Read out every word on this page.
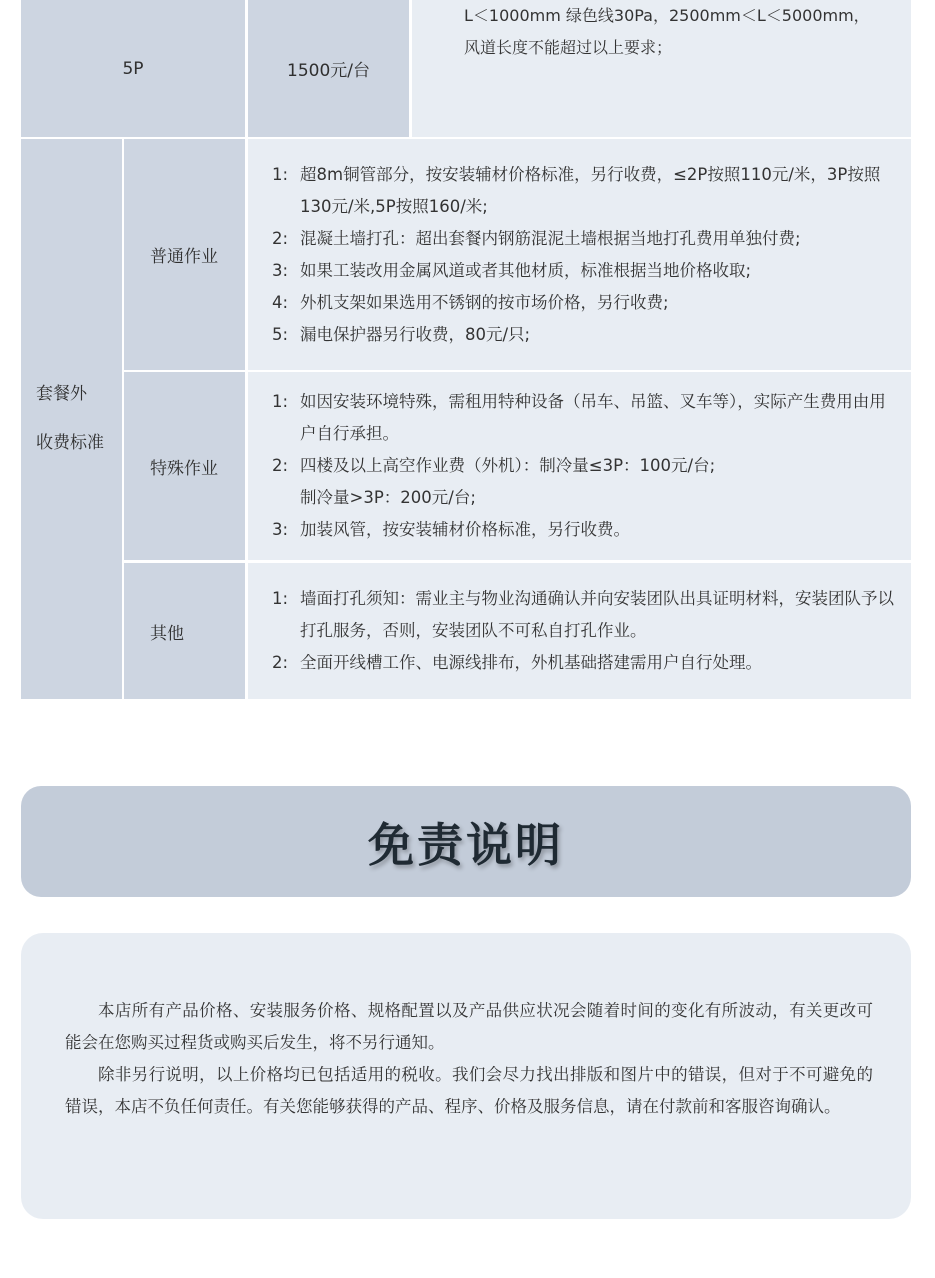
5P	1500元/台

L＜1000mm 绿色线30Pa，2500mm＜L＜5000mm，

风道长度不能超过以上要求；

套餐外
收费标准
普通作业
1: 超8m铜管部分，按安装辅材价格标准，另行收费，≤2P按照110元/米，3P按照130元/米,5P按照160/米;
2: 混凝土墙打孔：超出套餐内钢筋混泥土墙根据当地打孔费用单独付费;
3: 如果工装改用金属风道或者其他材质，标准根据当地价格收取;
4: 外机支架如果选用不锈钢的按市场价格，另行收费;
5: 漏电保护器另行收费，80元/只;
特殊作业
1: 如因安装环境特殊，需租用特种设备（吊车、吊篮、叉车等），实际产生费用由用户自行承担。
2: 四楼及以上高空作业费（外机）：制冷量≤3P：100元/台;
制冷量>3P：200元/台;
3: 加装风管，按安装辅材价格标准，另行收费。
其他
1: 墙面打孔须知：需业主与物业沟通确认并向安装团队出具证明材料，安装团队予以打孔服务，否则，安装团队不可私自打孔作业。
2: 全面开线槽工作、电源线排布，外机基础搭建需用户自行处理。
免责说明

本店所有产品价格、安装服务价格、规格配置以及产品供应状况会随着时间的变化有所波动，有关更改可能会在您购买过程货或购买后发生，将不另行通知。

除非另行说明，以上价格均已包括适用的税收。我们会尽力找出排版和图片中的错误，但对于不可避免的错误，本店不负任何责任。有关您能够获得的产品、程序、价格及服务信息，请在付款前和客服咨询确认。
